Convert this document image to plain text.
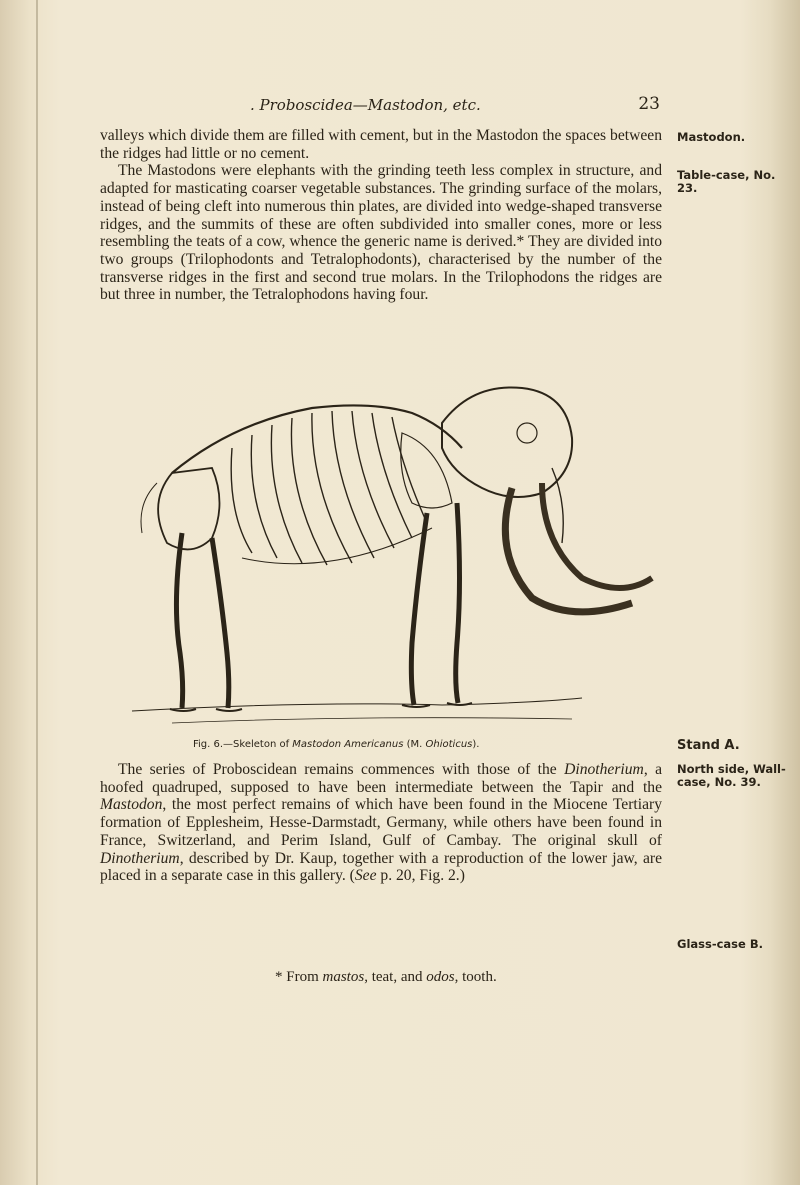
. Proboscidea—Mastodon, etc.	23

valleys which divide them are filled with cement, but in the Mastodon the spaces between the ridges had little or no cement.

The Mastodons were elephants with the grinding teeth less complex in structure, and adapted for masticating coarser vegetable substances. The grinding surface of the molars, instead of being cleft into numerous thin plates, are divided into wedge-shaped transverse ridges, and the summits of these are often subdivided into smaller cones, more or less resembling the teats of a cow, whence the generic name is derived.* They are divided into two groups (Trilophodonts and Tetralophodonts), characterised by the number of the transverse ridges in the first and second true molars. In the Trilophodons the ridges are but three in number, the Tetralophodons having four.

Mastodon.
Table-case, No. 23.
Fig. 6.—Skeleton of Mastodon Americanus (M. Ohioticus).	Stand A.

The series of Proboscidean remains commences with those of the Dinotherium, a hoofed quadruped, supposed to have been intermediate between the Tapir and the Mastodon, the most perfect remains of which have been found in the Miocene Tertiary formation of Epplesheim, Hesse-Darmstadt, Germany, while others have been found in France, Switzerland, and Perim Island, Gulf of Cambay. The original skull of Dinotherium, described by Dr. Kaup, together with a reproduction of the lower jaw, are placed in a separate case in this gallery. (See p. 20, Fig. 2.)

North side, Wall-case, No. 39.
Glass-case B.
* From mastos, teat, and odos, tooth.
